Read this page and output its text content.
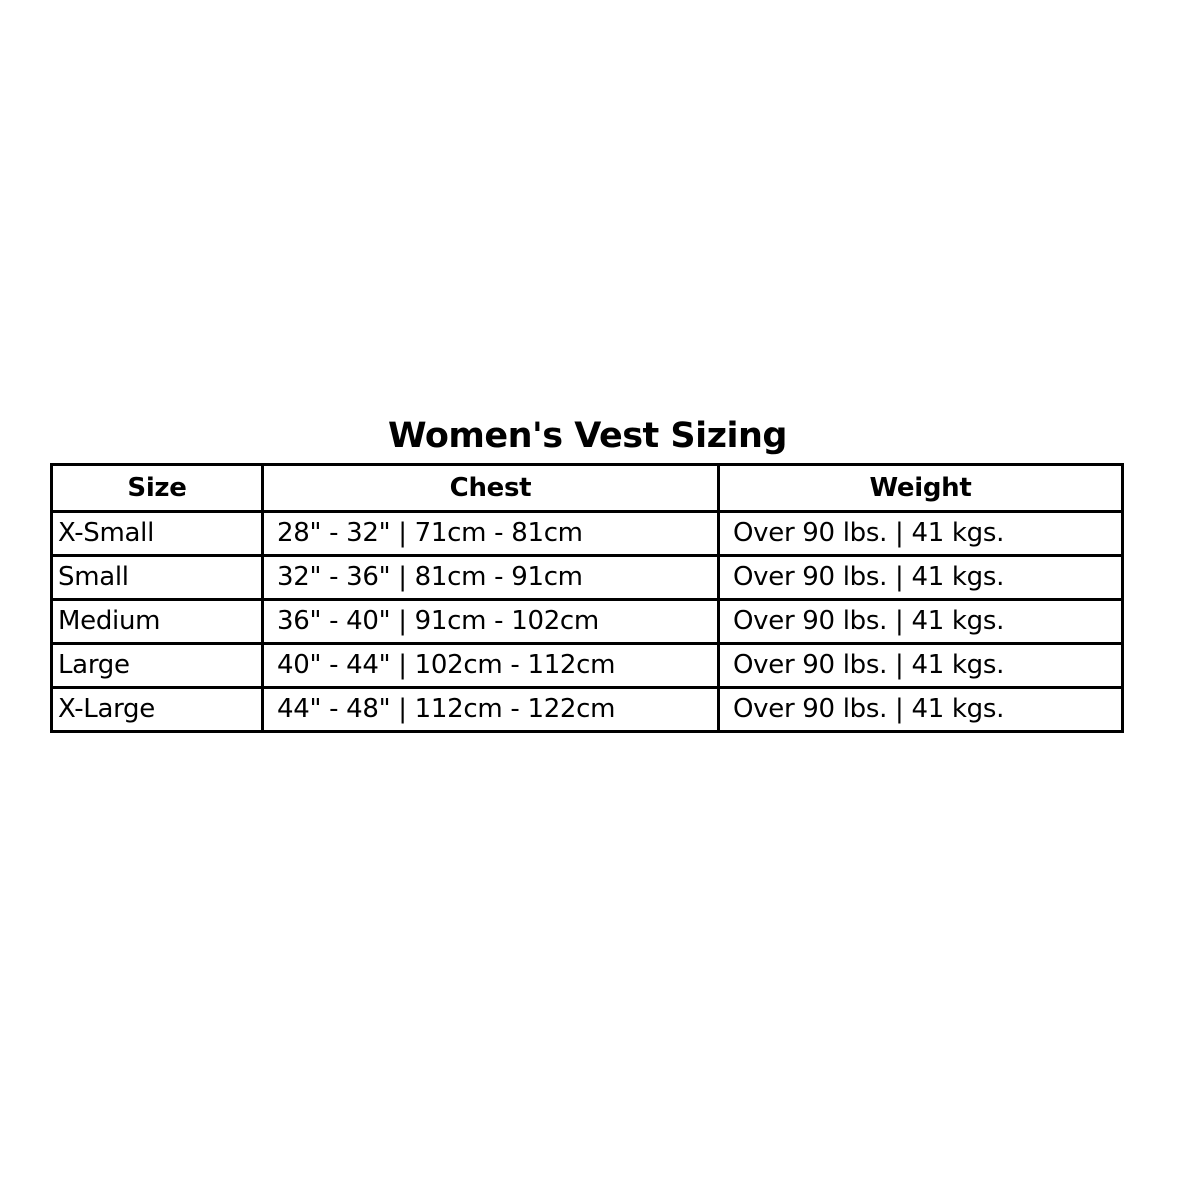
Women's Vest Sizing
Size	Chest	Weight
X-Small	28" - 32" | 71cm - 81cm	Over 90 lbs. | 41 kgs.
Small	32" - 36" | 81cm - 91cm	Over 90 lbs. | 41 kgs.
Medium	36" - 40" | 91cm - 102cm	Over 90 lbs. | 41 kgs.
Large	40" - 44" | 102cm - 112cm	Over 90 lbs. | 41 kgs.
X-Large	44" - 48" | 112cm - 122cm	Over 90 lbs. | 41 kgs.
